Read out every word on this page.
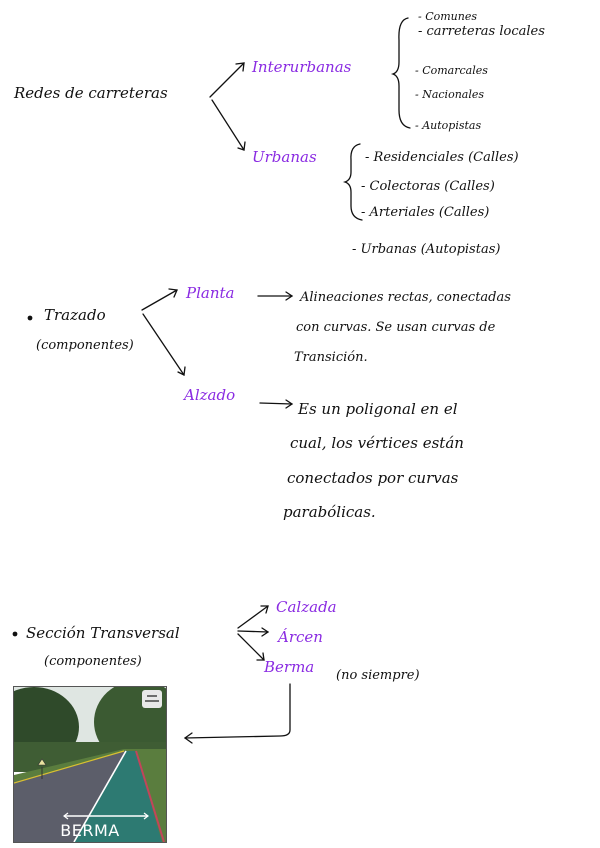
Redes de carreteras
Interurbanas
Urbanas
- Comunes
- carreteras locales
- Comarcales
- Nacionales
- Autopistas
- Residenciales (Calles)
- Colectoras (Calles)
- Arteriales (Calles)
- Urbanas (Autopistas)
Trazado
(componentes)
Planta
Alzado
Alineaciones rectas, conectadas
con curvas. Se usan curvas de
Transición.
Es un poligonal en el
cual, los vértices están
conectados por curvas
parabólicas.
Sección Transversal
(componentes)
Calzada
Árcen
Berma (no siempre)
BERMA
